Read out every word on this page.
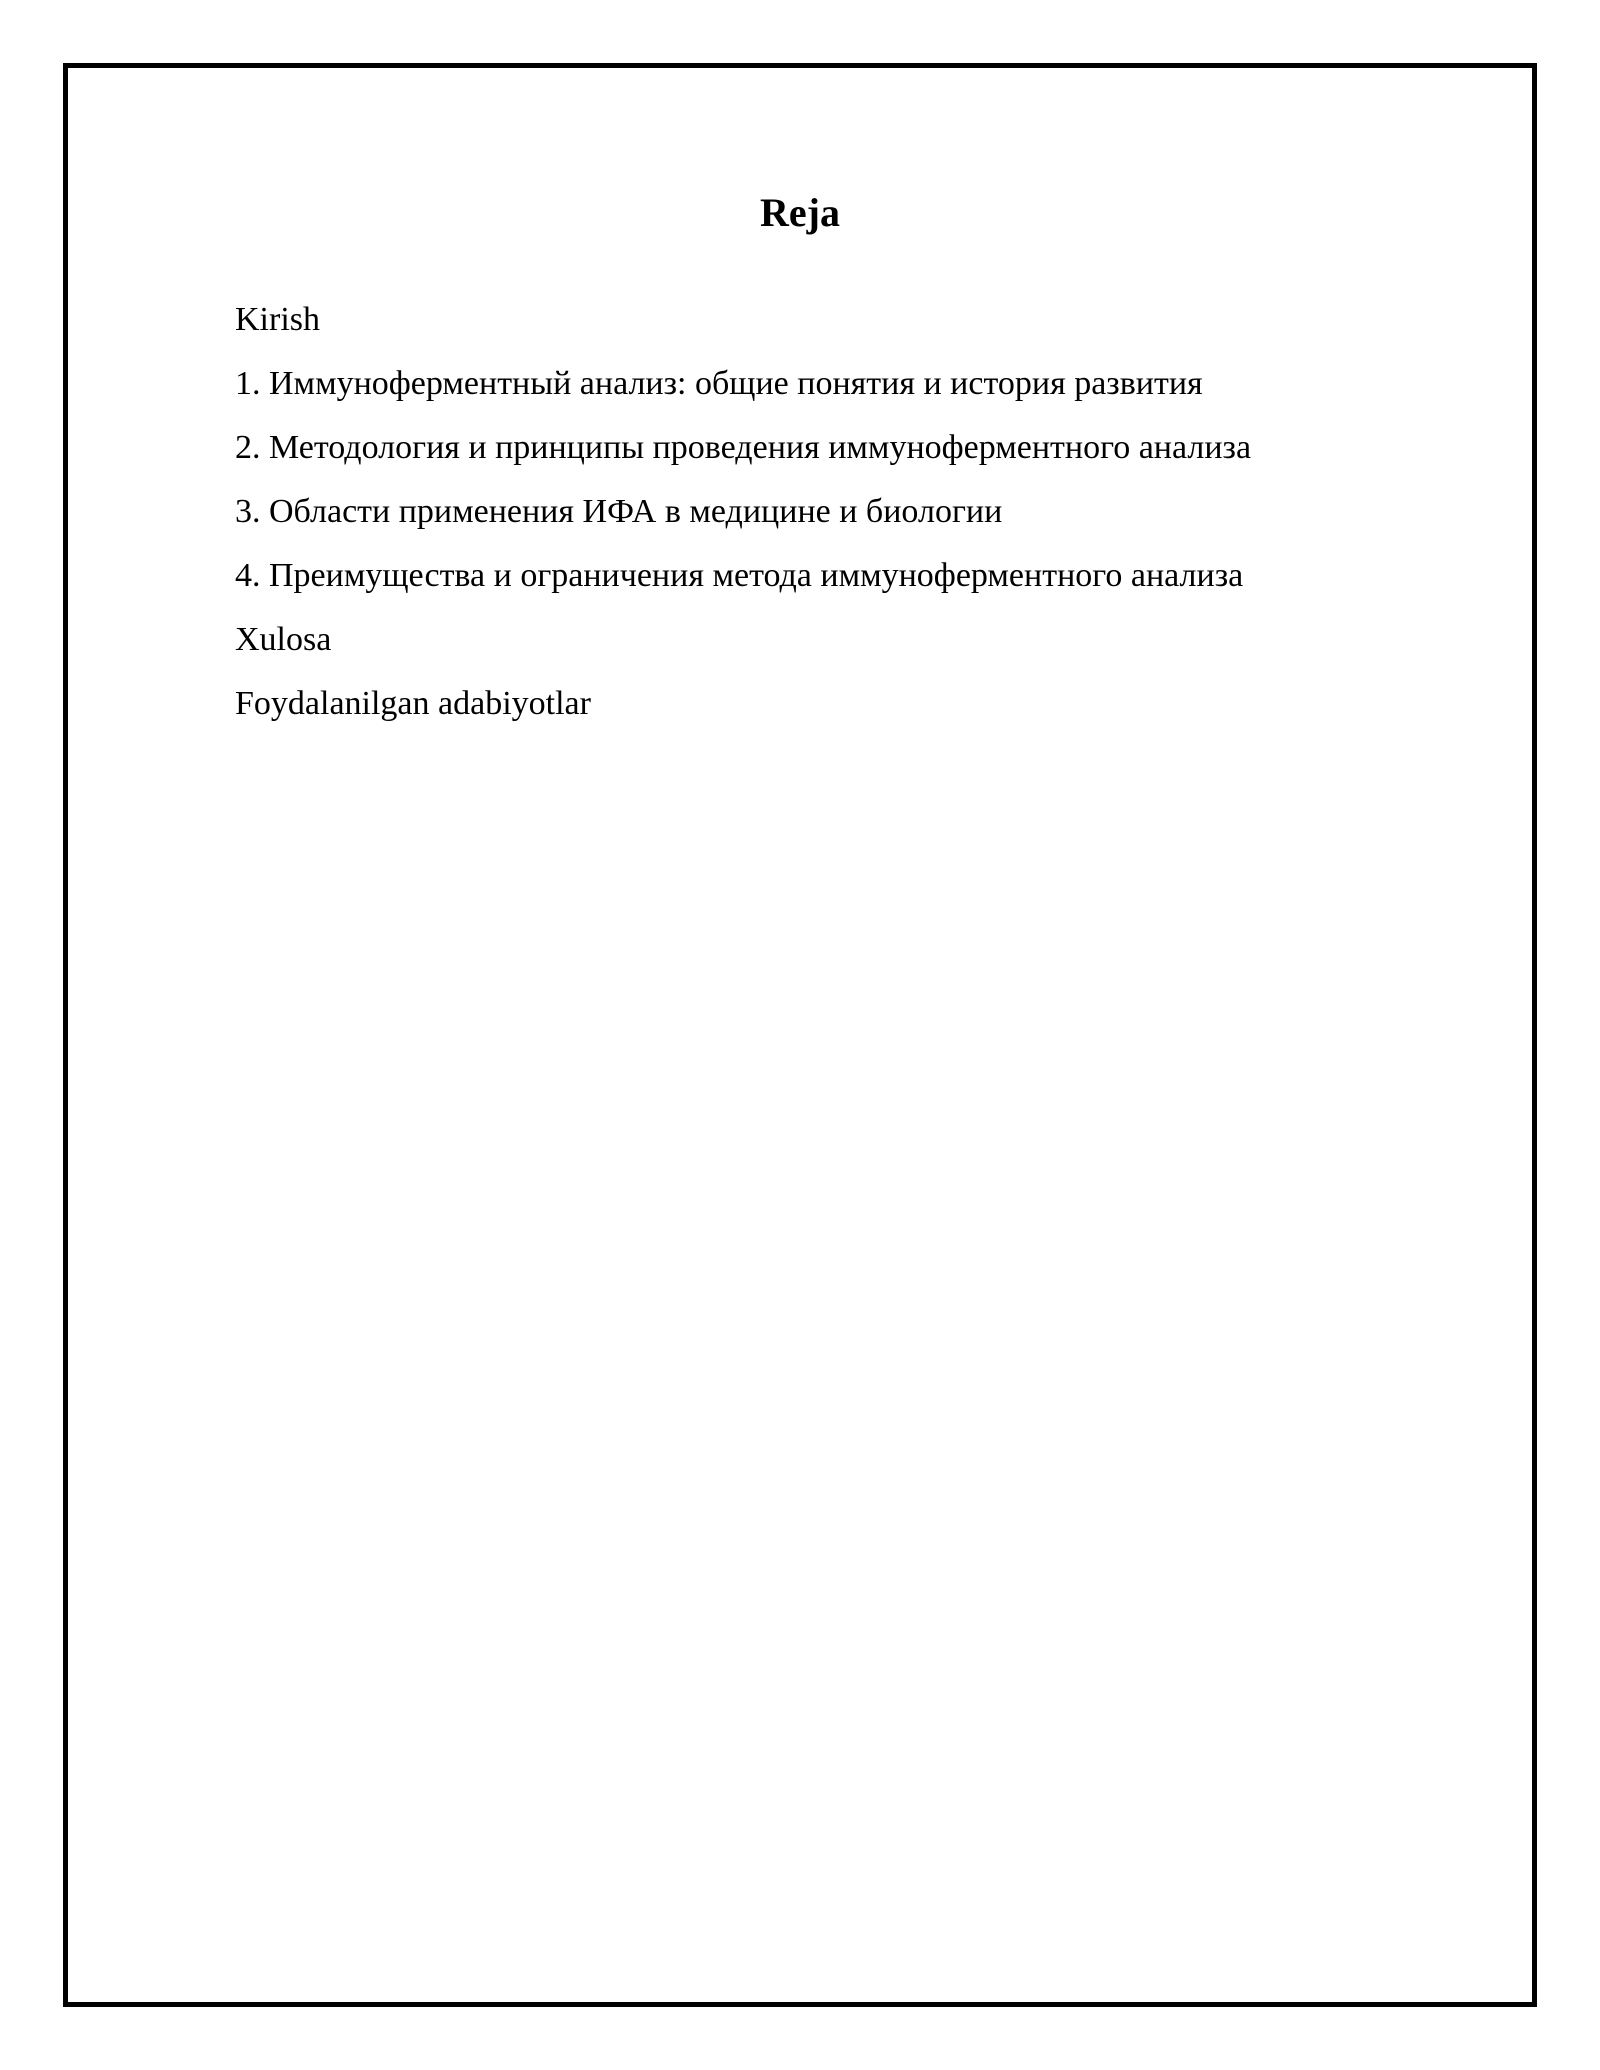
Reja
Kirish
1. Иммуноферментный анализ: общие понятия и история развития
2. Методология и принципы проведения иммуноферментного анализа
3. Области применения ИФА в медицине и биологии
4. Преимущества и ограничения метода иммуноферментного анализа
Xulosa
Foydalanilgan adabiyotlar
